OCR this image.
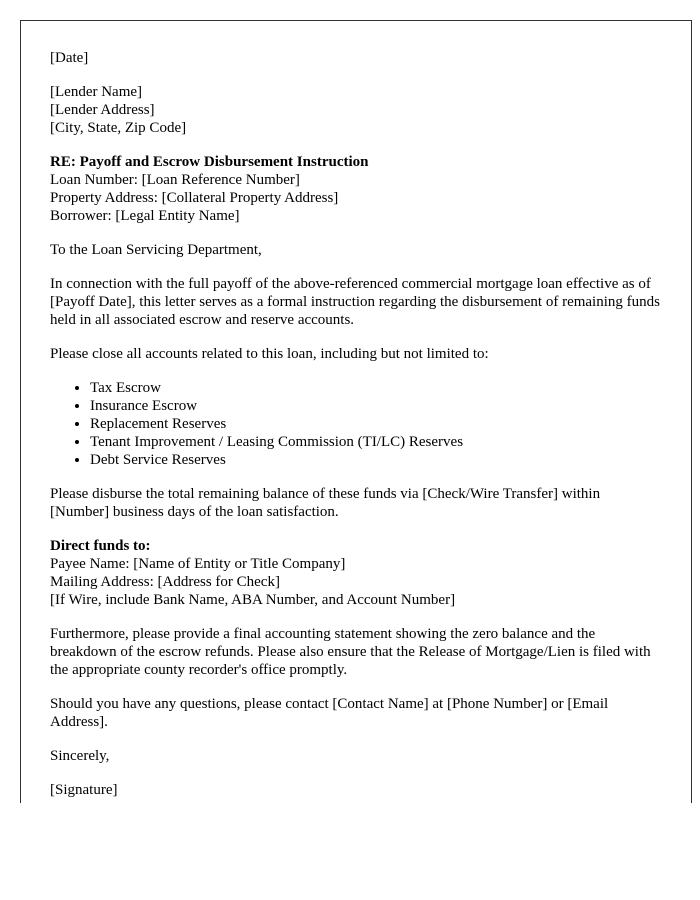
[Date]

[Lender Name]
[Lender Address]
[City, State, Zip Code]

RE: Payoff and Escrow Disbursement Instruction
Loan Number: [Loan Reference Number]
Property Address: [Collateral Property Address]
Borrower: [Legal Entity Name]

To the Loan Servicing Department,

In connection with the full payoff of the above-referenced commercial mortgage loan effective as of [Payoff Date], this letter serves as a formal instruction regarding the disbursement of remaining funds held in all associated escrow and reserve accounts.

Please close all accounts related to this loan, including but not limited to:

• Tax Escrow
• Insurance Escrow
• Replacement Reserves
• Tenant Improvement / Leasing Commission (TI/LC) Reserves
• Debt Service Reserves

Please disburse the total remaining balance of these funds via [Check/Wire Transfer] within [Number] business days of the loan satisfaction.

Direct funds to:
Payee Name: [Name of Entity or Title Company]
Mailing Address: [Address for Check]
[If Wire, include Bank Name, ABA Number, and Account Number]

Furthermore, please provide a final accounting statement showing the zero balance and the breakdown of the escrow refunds. Please also ensure that the Release of Mortgage/Lien is filed with the appropriate county recorder's office promptly.

Should you have any questions, please contact [Contact Name] at [Phone Number] or [Email Address].

Sincerely,

[Signature]
